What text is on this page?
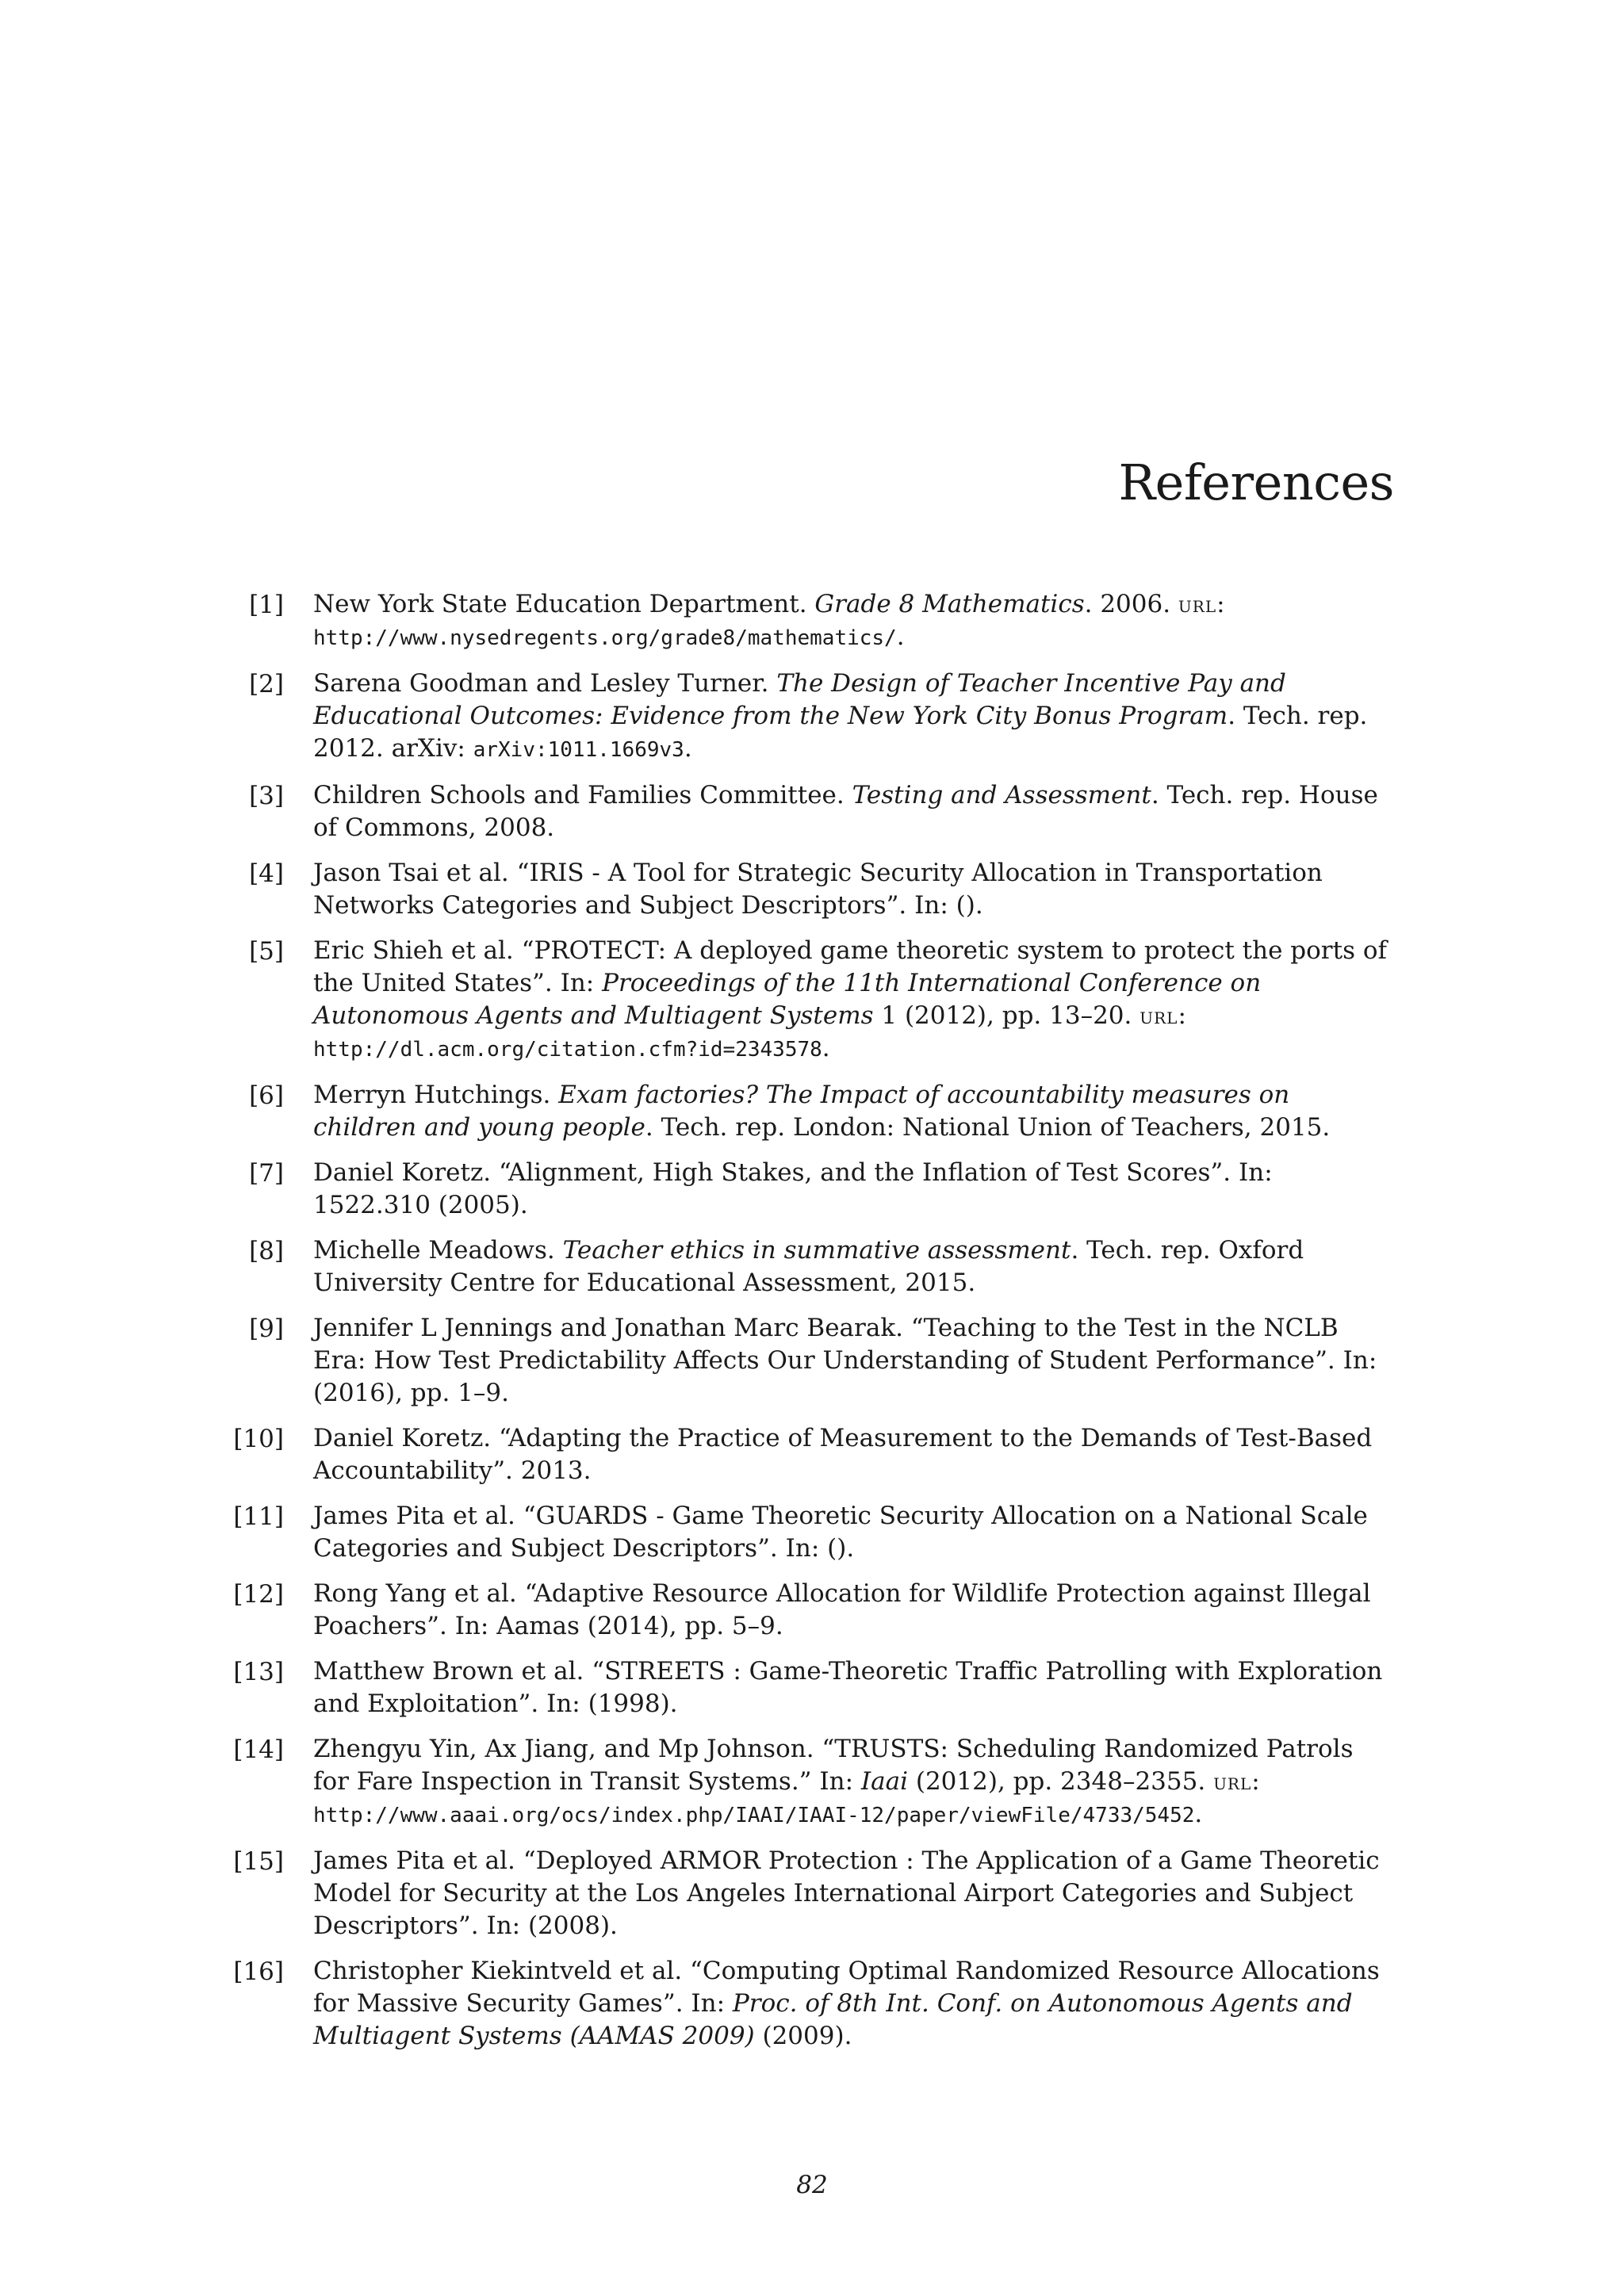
References
[1]	New York State Education Department. Grade 8 Mathematics. 2006. url: http://www.nysedregents.org/grade8/mathematics/.
[2]	Sarena Goodman and Lesley Turner. The Design of Teacher Incentive Pay and Educational Outcomes: Evidence from the New York City Bonus Program. Tech. rep. 2012. arXiv: arXiv:1011.1669v3.
[3]	Children Schools and Families Committee. Testing and Assessment. Tech. rep. House of Commons, 2008.
[4]	Jason Tsai et al. “IRIS - A Tool for Strategic Security Allocation in Transportation Networks Categories and Subject Descriptors”. In: ().
[5]	Eric Shieh et al. “PROTECT: A deployed game theoretic system to protect the ports of the United States”. In: Proceedings of the 11th International Conference on Autonomous Agents and Multiagent Systems 1 (2012), pp. 13–20. url: http://dl.acm.org/citation.cfm?id=2343578.
[6]	Merryn Hutchings. Exam factories? The Impact of accountability measures on children and young people. Tech. rep. London: National Union of Teachers, 2015.
[7]	Daniel Koretz. “Alignment, High Stakes, and the Inflation of Test Scores”. In: 1522.310 (2005).
[8]	Michelle Meadows. Teacher ethics in summative assessment. Tech. rep. Oxford University Centre for Educational Assessment, 2015.
[9]	Jennifer L Jennings and Jonathan Marc Bearak. “Teaching to the Test in the NCLB Era: How Test Predictability Affects Our Understanding of Student Performance”. In: (2016), pp. 1–9.
[10]	Daniel Koretz. “Adapting the Practice of Measurement to the Demands of Test-Based Accountability”. 2013.
[11]	James Pita et al. “GUARDS - Game Theoretic Security Allocation on a National Scale Categories and Subject Descriptors”. In: ().
[12]	Rong Yang et al. “Adaptive Resource Allocation for Wildlife Protection against Illegal Poachers”. In: Aamas (2014), pp. 5–9.
[13]	Matthew Brown et al. “STREETS : Game-Theoretic Traffic Patrolling with Exploration and Exploitation”. In: (1998).
[14]	Zhengyu Yin, Ax Jiang, and Mp Johnson. “TRUSTS: Scheduling Randomized Patrols for Fare Inspection in Transit Systems.” In: Iaai (2012), pp. 2348–2355. url: http://www.aaai.org/ocs/index.php/IAAI/IAAI-12/paper/viewFile/4733/5452.
[15]	James Pita et al. “Deployed ARMOR Protection : The Application of a Game Theoretic Model for Security at the Los Angeles International Airport Categories and Subject Descriptors”. In: (2008).
[16]	Christopher Kiekintveld et al. “Computing Optimal Randomized Resource Allocations for Massive Security Games”. In: Proc. of 8th Int. Conf. on Autonomous Agents and Multiagent Systems (AAMAS 2009) (2009).
82
